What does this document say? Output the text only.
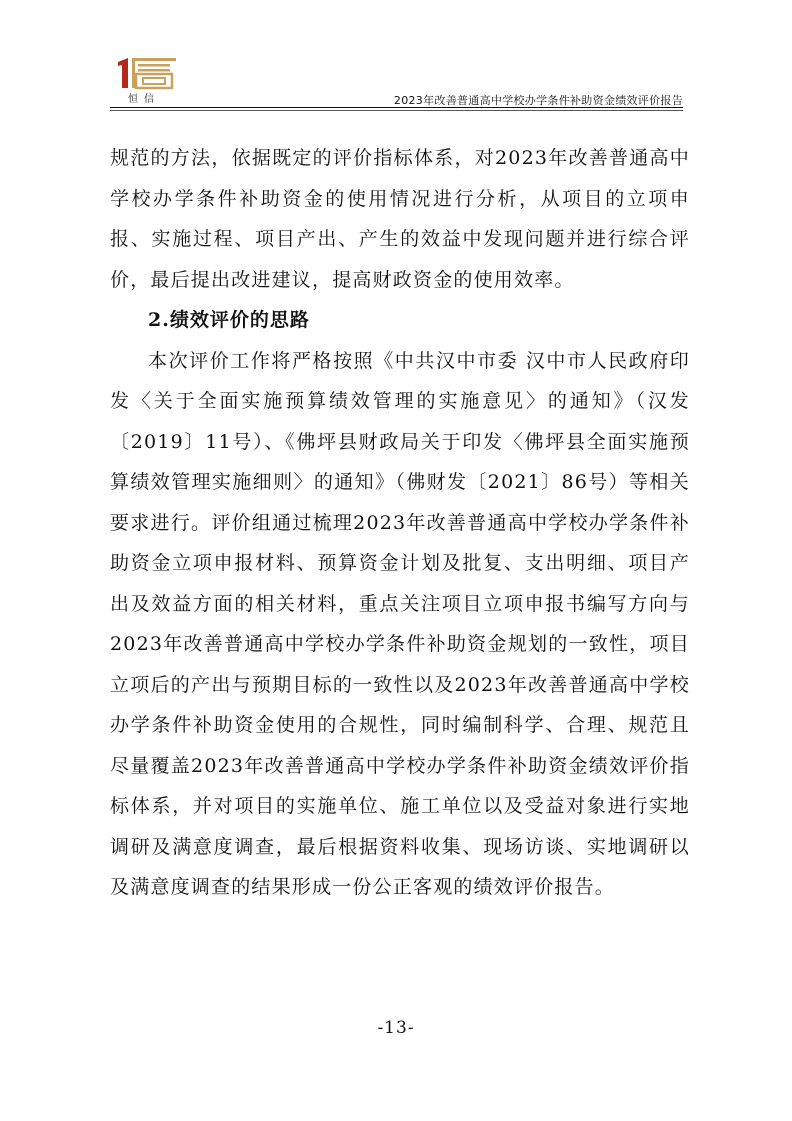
恒信	2023年改善普通高中学校办学条件补助资金绩效评价报告

规范的方法，依据既定的评价指标体系，对2023年改善普通高中学校办学条件补助资金的使用情况进行分析，从项目的立项申报、实施过程、项目产出、产生的效益中发现问题并进行综合评价，最后提出改进建议，提高财政资金的使用效率。

2.绩效评价的思路

本次评价工作将严格按照《中共汉中市委 汉中市人民政府印发〈关于全面实施预算绩效管理的实施意见〉的通知》（汉发〔2019〕11号）、《佛坪县财政局关于印发〈佛坪县全面实施预算绩效管理实施细则〉的通知》（佛财发〔2021〕86号）等相关要求进行。评价组通过梳理2023年改善普通高中学校办学条件补助资金立项申报材料、预算资金计划及批复、支出明细、项目产出及效益方面的相关材料，重点关注项目立项申报书编写方向与2023年改善普通高中学校办学条件补助资金规划的一致性，项目立项后的产出与预期目标的一致性以及2023年改善普通高中学校办学条件补助资金使用的合规性，同时编制科学、合理、规范且尽量覆盖2023年改善普通高中学校办学条件补助资金绩效评价指标体系，并对项目的实施单位、施工单位以及受益对象进行实地调研及满意度调查，最后根据资料收集、现场访谈、实地调研以及满意度调查的结果形成一份公正客观的绩效评价报告。

-13-
